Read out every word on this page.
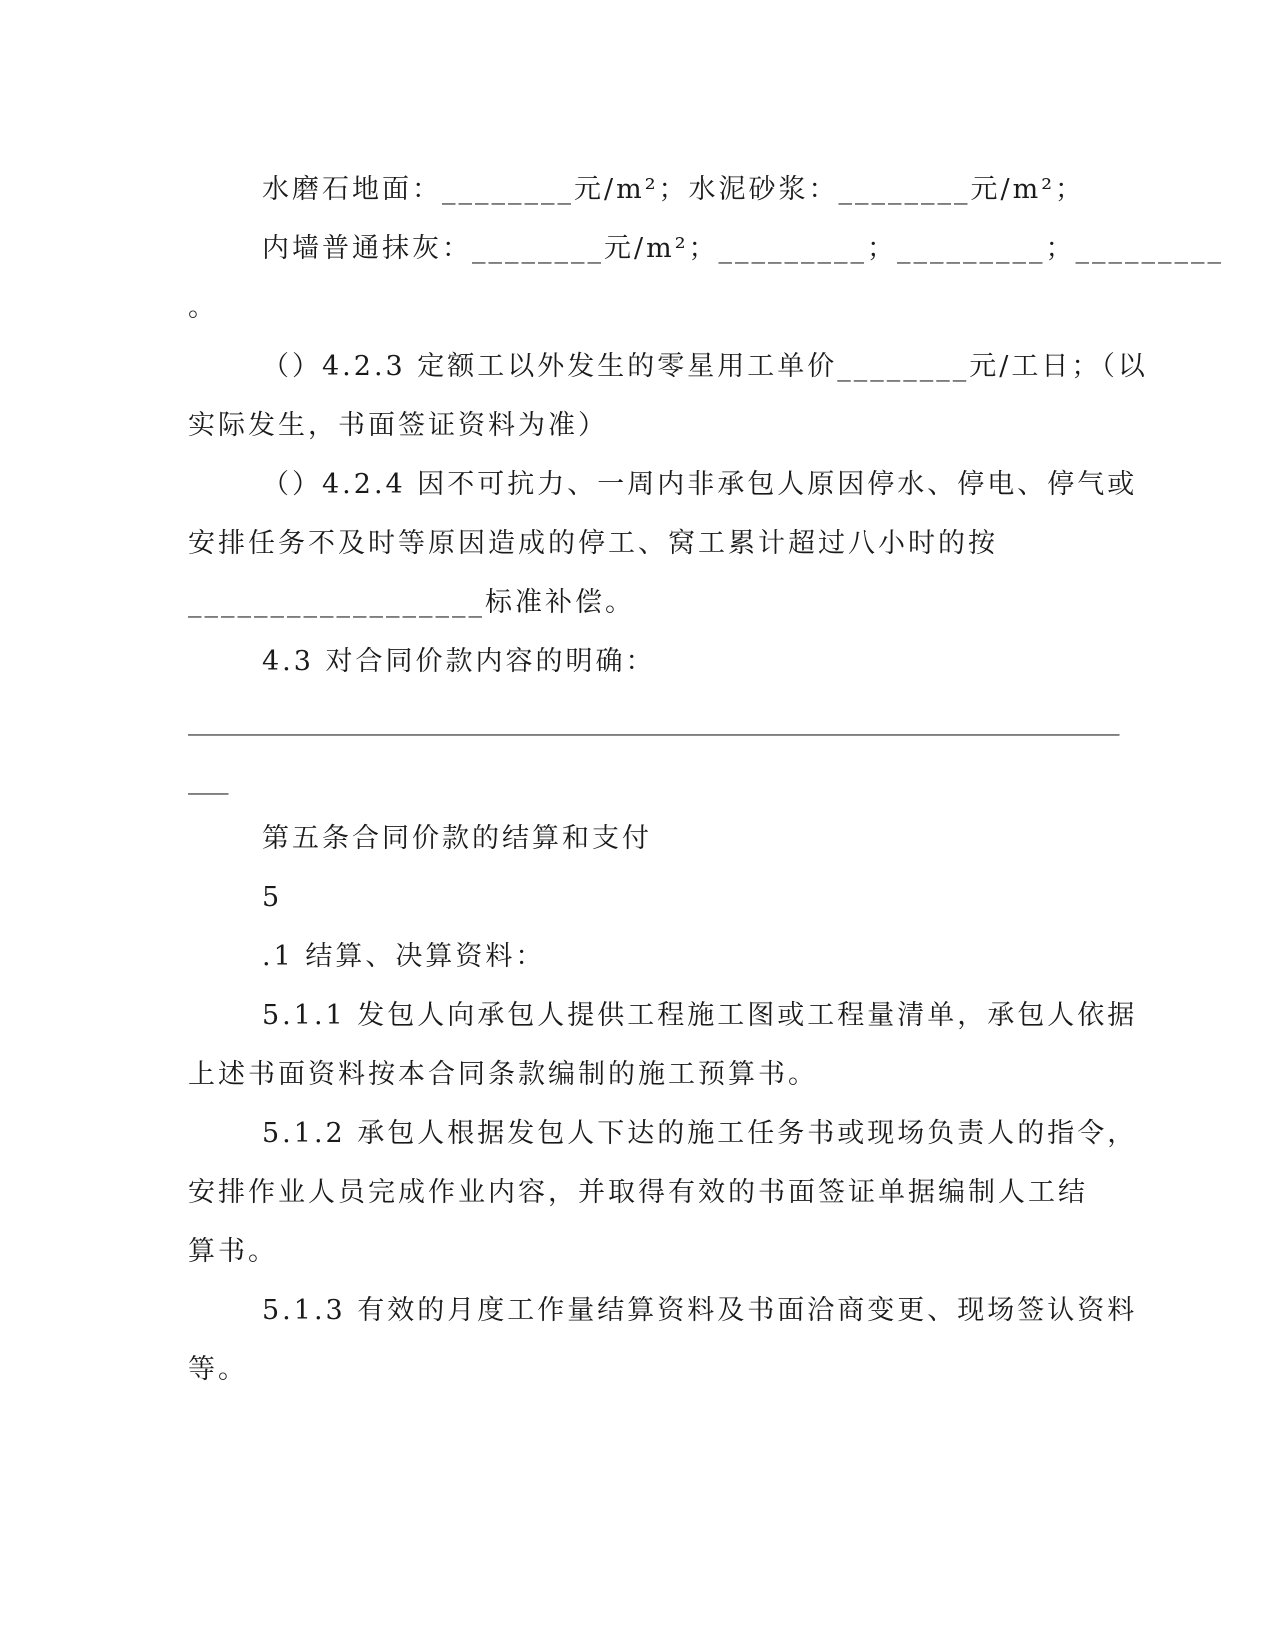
水磨石地面：________元/m²；水泥砂浆：________元/m²；
内墙普通抹灰：________元/m²；_________；_________；_________
。
（）4.2.3 定额工以外发生的零星用工单价________元/工日；（以
实际发生，书面签证资料为准）
（）4.2.4 因不可抗力、一周内非承包人原因停水、停电、停气或
安排任务不及时等原因造成的停工、窝工累计超过八小时的按
__________________标准补偿。
4.3 对合同价款内容的明确：
_____________________________________________________________________
___
第五条合同价款的结算和支付
5
.1 结算、决算资料：
5.1.1 发包人向承包人提供工程施工图或工程量清单，承包人依据
上述书面资料按本合同条款编制的施工预算书。
5.1.2 承包人根据发包人下达的施工任务书或现场负责人的指令，
安排作业人员完成作业内容，并取得有效的书面签证单据编制人工结
算书。
5.1.3 有效的月度工作量结算资料及书面洽商变更、现场签认资料
等。
